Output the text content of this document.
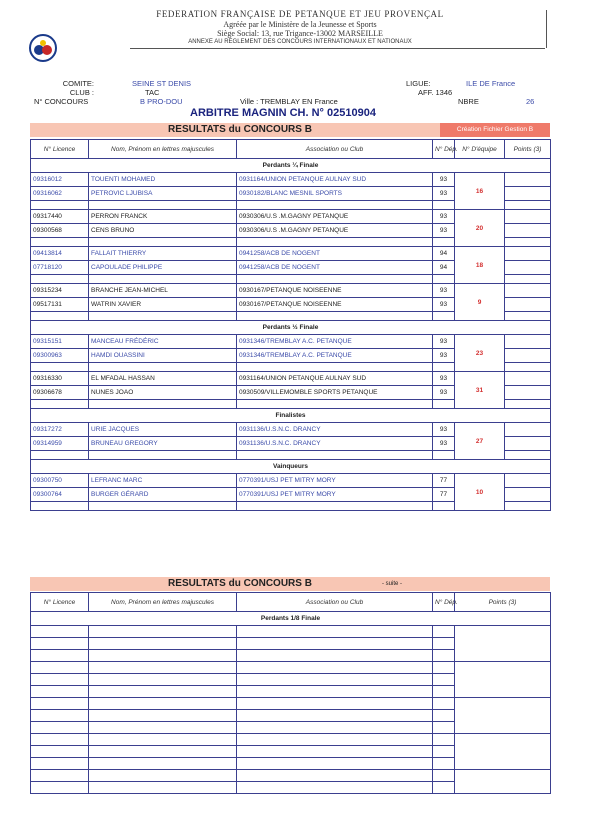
FEDERATION FRANÇAISE DE PETANQUE ET JEU PROVENÇAL
Agréée par le Ministère de la Jeunesse et Sports
Siège Social: 13, rue Trigance-13002 MARSEILLE
ANNEXE AU REGLEMENT DES CONCOURS INTERNATIONAUX ET NATIONAUX
COMITE:	SEINE ST DENIS
CLUB :	TAC
N° CONCOURS	B PRO-DOU	Ville : TREMBLAY EN France
LIGUE:	ILE DE France
AFF. 1346
NBRE	26
ARBITRE MAGNIN CH. N° 02510904
RESULTATS du CONCOURS B	Création Fichier Gestion B
N° Licence	Nom, Prénom en lettres majuscules	Association ou Club	N° Dép.	N° D'équipe	Points (3)
Perdants ¼ Finale					
09316012	TOUENTI MOHAMED	0931164/UNION PETANQUE AULNAY SUD	93	16	
09316062	PETROVIC LJUBISA	0930182/BLANC MESNIL SPORTS	93		

09317440	PERRON FRANCK	0930306/U.S .M.GAGNY PETANQUE	93	20	
09300568	CENS BRUNO	0930306/U.S .M.GAGNY PETANQUE	93		

09413814	FALLAIT THIERRY	0941258/ACB DE NOGENT	94	18	
07718120	CAPOULADE PHILIPPE	0941258/ACB DE NOGENT	94		

09315234	BRANCHE JEAN-MICHEL	0930167/PETANQUE NOISEENNE	93	9	
09517131	WATRIN XAVIER	0930167/PETANQUE NOISEENNE	93		

Perdants ½ Finale					
09315151	MANCEAU FRÉDÉRIC	0931346/TREMBLAY A.C. PETANQUE	93	23	
09300963	HAMDI OUASSINI	0931346/TREMBLAY A.C. PETANQUE	93		

09316330	EL MFADAL HASSAN	0931164/UNION PETANQUE AULNAY SUD	93	31	
09306678	NUNES JOAO	0930509/VILLEMOMBLE SPORTS PETANQUE	93		

Finalistes					
09317272	URIE JACQUES	0931136/U.S.N.C. DRANCY	93	27	
09314959	BRUNEAU GREGORY	0931136/U.S.N.C. DRANCY	93		

Vainqueurs					
09300750	LEFRANC MARC	0770391/USJ PET MITRY MORY	77	10	
09300764	BURGER GÉRARD	0770391/USJ PET MITRY MORY	77		

RESULTATS du CONCOURS B	- suite -
N° Licence	Nom, Prénom en lettres majuscules	Association ou Club	N° Dép.	Points (3)
Perdants 1/8 Finale				
